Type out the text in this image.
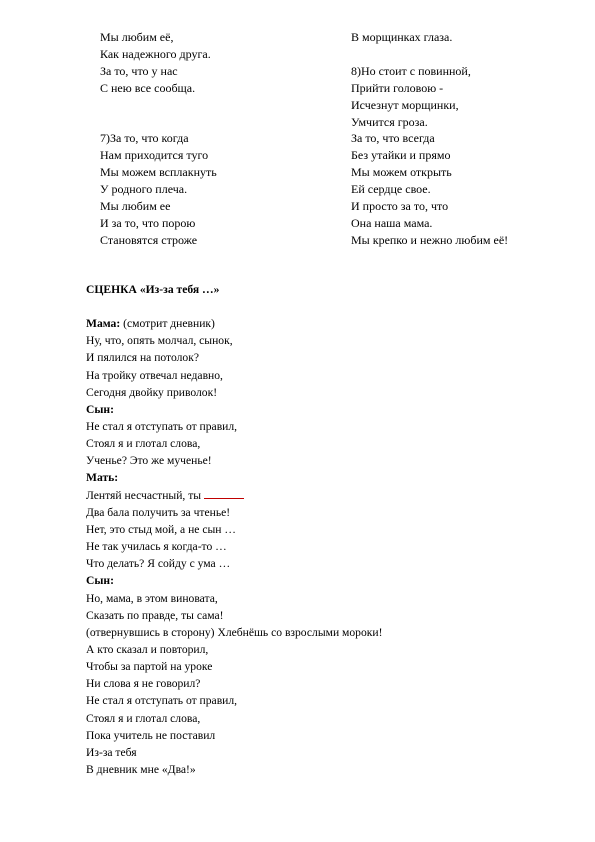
Мы любим её,
Как надежного друга.
За то, что у нас
С нею все сообща.
7)За то, что когда
Нам приходится туго
Мы можем всплакнуть
У родного плеча.
Мы любим ее
И за то, что порою
Становятся строже
В морщинках глаза.
8)Но стоит с повинной,
Прийти головою -
Исчезнут морщинки,
Умчится гроза.
За то, что всегда
Без утайки и прямо
Мы можем открыть
Ей сердце свое.
И просто за то, что
Она наша мама.
Мы крепко и нежно любим её!
СЦЕНКА «Из-за тебя …»
Мама: (смотрит дневник)
Ну, что, опять молчал, сынок,
И пялился на потолок?
На тройку отвечал недавно,
Сегодня двойку приволок!
Сын:
Не стал я отступать от правил,
Стоял я и глотал слова,
Ученье? Это же мученье!
Мать:
Лентяй несчастный, ты
Два бала получить за чтенье!
Нет, это стыд мой, а не сын …
Не так училась я когда-то …
Что делать? Я сойду с ума …
Сын:
Но, мама, в этом виновата,
Сказать по правде, ты сама!
(отвернувшись в сторону) Хлебнёшь со взрослыми мороки!
А кто сказал и повторил,
Чтобы за партой на уроке
Ни слова я не говорил?
Не стал я отступать от правил,
Стоял я и глотал слова,
Пока учитель не поставил
Из-за тебя
В дневник мне «Два!»
